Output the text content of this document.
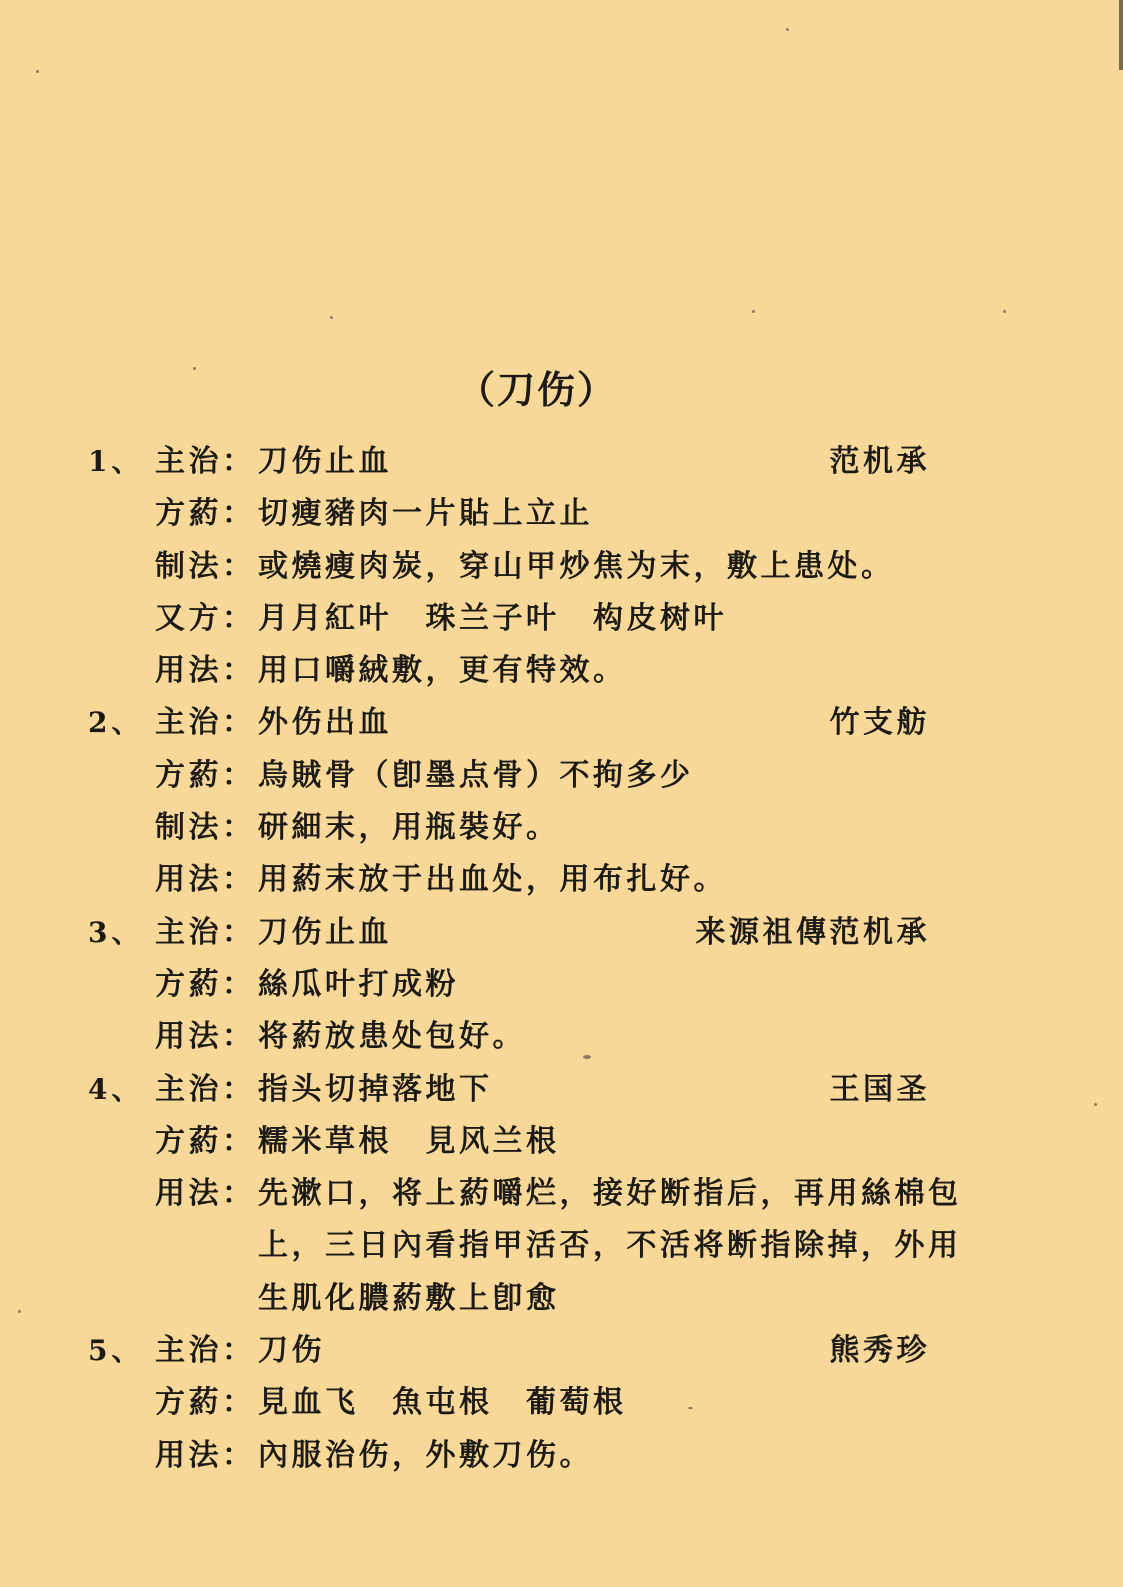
（刀伤）
1、 主治： 刀伤止血	范机承
方葯： 切瘦豬肉一片貼上立止
制法： 或燒瘦肉炭，穿山甲炒焦为末，敷上患处。
又方： 月月紅叶　珠兰子叶　构皮树叶
用法： 用口嚼絨敷，更有特效。
2、 主治： 外伤出血	竹支舫
方葯： 烏賊骨（卽墨点骨）不拘多少
制法： 研細末，用瓶裝好。
用法： 用葯末放于出血处，用布扎好。
3、 主治： 刀伤止血	来源祖傳范机承
方葯： 絲瓜叶打成粉
用法： 将葯放患处包好。
4、 主治： 指头切掉落地下	王国圣
方葯： 糯米草根　見风兰根
用法： 先漱口，将上葯嚼烂，接好断指后，再用絲棉包
上，三日內看指甲活否，不活将断指除掉，外用
生肌化膿葯敷上卽愈
5、 主治： 刀伤	熊秀珍
方葯： 見血飞　魚屯根　葡萄根
用法： 內服治伤，外敷刀伤。
